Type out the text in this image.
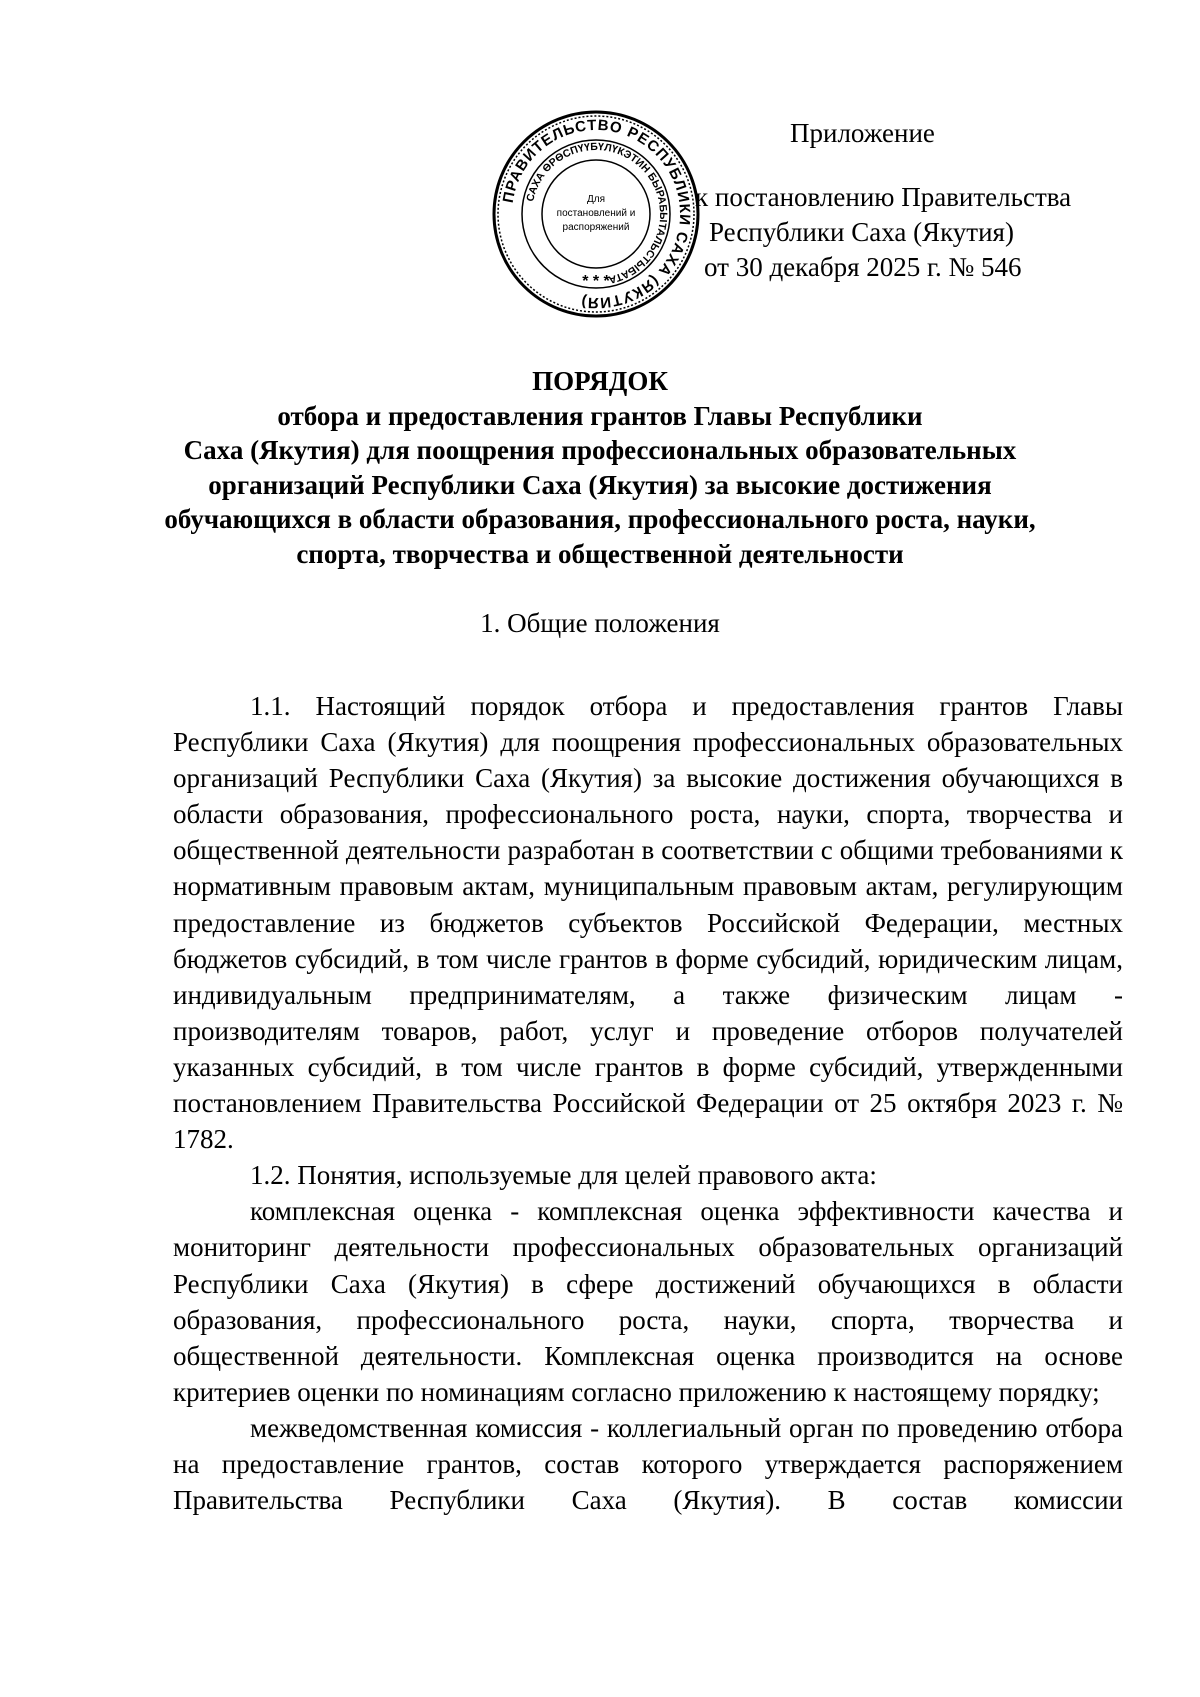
ПРАВИТЕЛЬСТВО РЕСПУБЛИКИ САХА (ЯКУТИЯ)
САХА ӨРӨСПҮҮБҮЛҮКЭТИН БЫРАБЫТАЛЬСТЫБАТА
Для
постановлений и
распоряжений
* * *
Приложение
к постановлению Правительства
Республики Саха (Якутия)
от 30 декабря 2025 г. № 546
ПОРЯДОК
отбора и предоставления грантов Главы Республики
Саха (Якутия) для поощрения профессиональных образовательных
организаций Республики Саха (Якутия) за высокие достижения
обучающихся в области образования, профессионального роста, науки,
спорта, творчества и общественной деятельности
1. Общие положения

1.1. Настоящий порядок отбора и предоставления грантов Главы Республики Саха (Якутия) для поощрения профессиональных образовательных организаций Республики Саха (Якутия) за высокие достижения обучающихся в области образования, профессионального роста, науки, спорта, творчества и общественной деятельности разработан в соответствии с общими требованиями к нормативным правовым актам, муниципальным правовым актам, регулирующим предоставление из бюджетов субъектов Российской Федерации, местных бюджетов субсидий, в том числе грантов в форме субсидий, юридическим лицам, индивидуальным предпринимателям, а также физическим лицам - производителям товаров, работ, услуг и проведение отборов получателей указанных субсидий, в том числе грантов в форме субсидий, утвержденными постановлением Правительства Российской Федерации от 25 октября 2023 г. № 1782.

1.2. Понятия, используемые для целей правового акта:

комплексная оценка - комплексная оценка эффективности качества и мониторинг деятельности профессиональных образовательных организаций Республики Саха (Якутия) в сфере достижений обучающихся в области образования, профессионального роста, науки, спорта, творчества и общественной деятельности. Комплексная оценка производится на основе критериев оценки по номинациям согласно приложению к настоящему порядку;

межведомственная комиссия - коллегиальный орган по проведению отбора на предоставление грантов, состав которого утверждается распоряжением Правительства Республики Саха (Якутия). В состав комиссии
